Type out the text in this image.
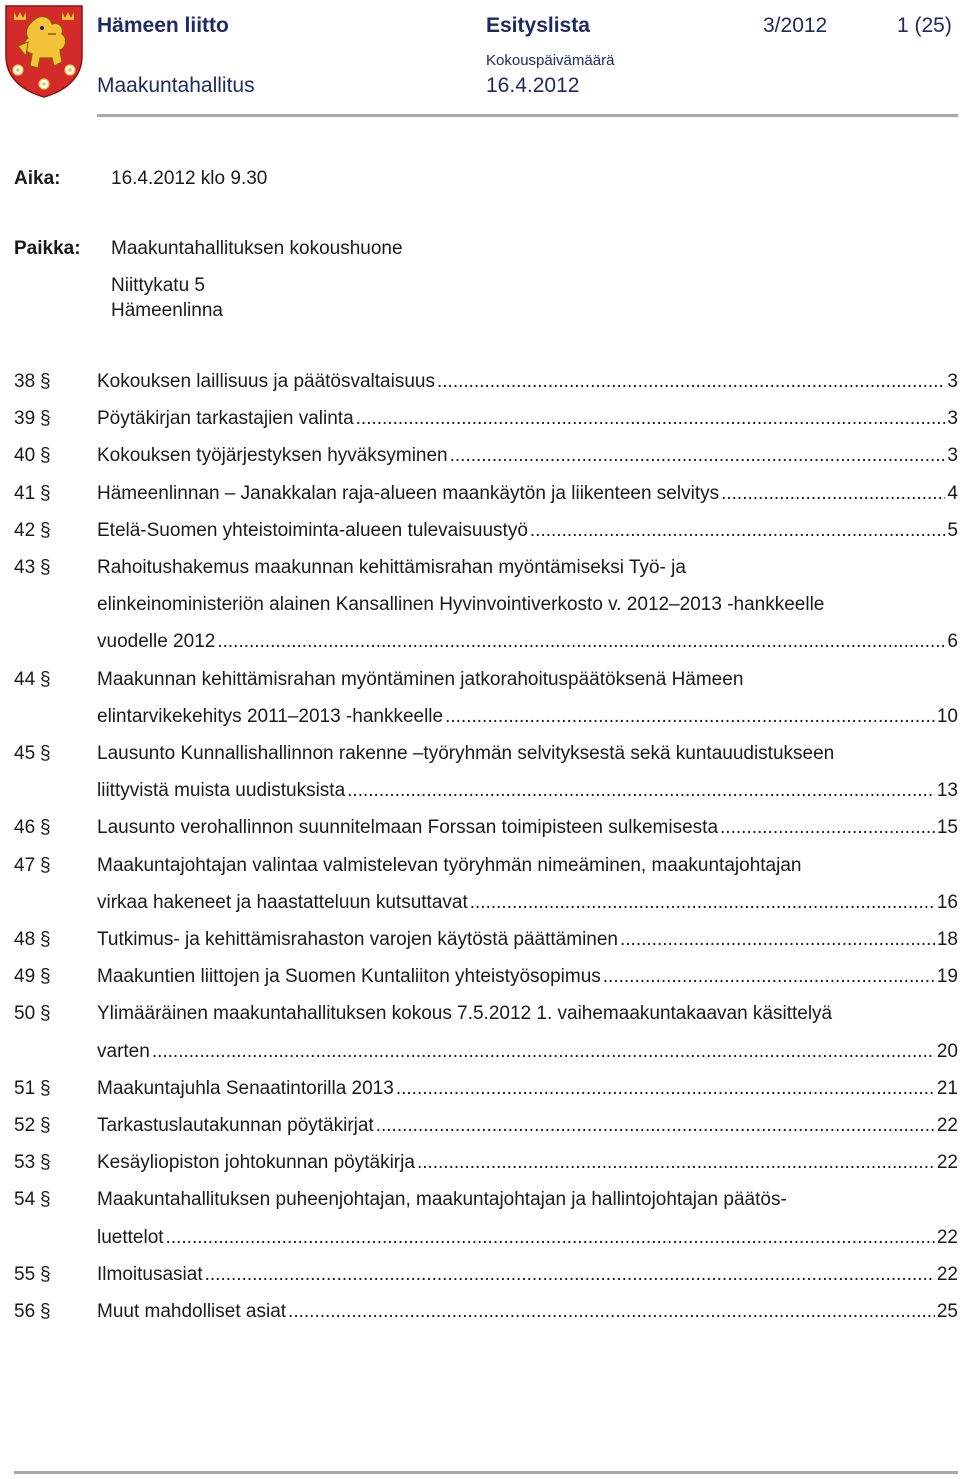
Hämeen liitto	Esityslista	3/2012	1 (25)
Maakuntahallitus
Kokouspäivämäärä
16.4.2012
Aika:	16.4.2012 klo 9.30
Paikka: Maakuntahallituksen kokoushuone
Niittykatu 5
Hämeenlinna
38 §	Kokouksen laillisuus ja päätösvaltaisuus .....	3
39 §	Pöytäkirjan tarkastajien valinta .....	3
40 §	Kokouksen työjärjestyksen hyväksyminen .....	3
41 §	Hämeenlinnan – Janakkalan raja-alueen maankäytön ja liikenteen selvitys .....	4
42 §	Etelä-Suomen yhteistoiminta-alueen tulevaisuustyö .....	5
43 §	Rahoitushakemus maakunnan kehittämisrahan myöntämiseksi Työ- ja
elinkeinoministeriön alainen Kansallinen Hyvinvointiverkosto v. 2012–2013 -hankkeelle
vuodelle 2012 .....	6
44 §	Maakunnan kehittämisrahan myöntäminen jatkorahoituspäätöksenä Hämeen
elintarvikekehitys 2011–2013 -hankkeelle .....	10
45 §	Lausunto Kunnallishallinnon rakenne –työryhmän selvityksestä sekä kuntauudistukseen
liittyvistä muista uudistuksista .....	13
46 §	Lausunto verohallinnon suunnitelmaan Forssan toimipisteen sulkemisesta .....	15
47 §	Maakuntajohtajan valintaa valmistelevan työryhmän nimeäminen, maakuntajohtajan
virkaa hakeneet ja haastatteluun kutsuttavat .....	16
48 §	Tutkimus- ja kehittämisrahaston varojen käytöstä päättäminen .....	18
49 §	Maakuntien liittojen ja Suomen Kuntaliiton yhteistyösopimus .....	19
50 §	Ylimääräinen maakuntahallituksen kokous 7.5.2012 1. vaihemaakuntakaavan käsittelyä
varten .....	20
51 §	Maakuntajuhla Senaatintorilla 2013 .....	21
52 §	Tarkastuslautakunnan pöytäkirjat .....	22
53 §	Kesäyliopiston johtokunnan pöytäkirja .....	22
54 §	Maakuntahallituksen puheenjohtajan, maakuntajohtajan ja hallintojohtajan päätös-
luettelot .....	22
55 §	Ilmoitusasiat .....	22
56 §	Muut mahdolliset asiat .....	25
